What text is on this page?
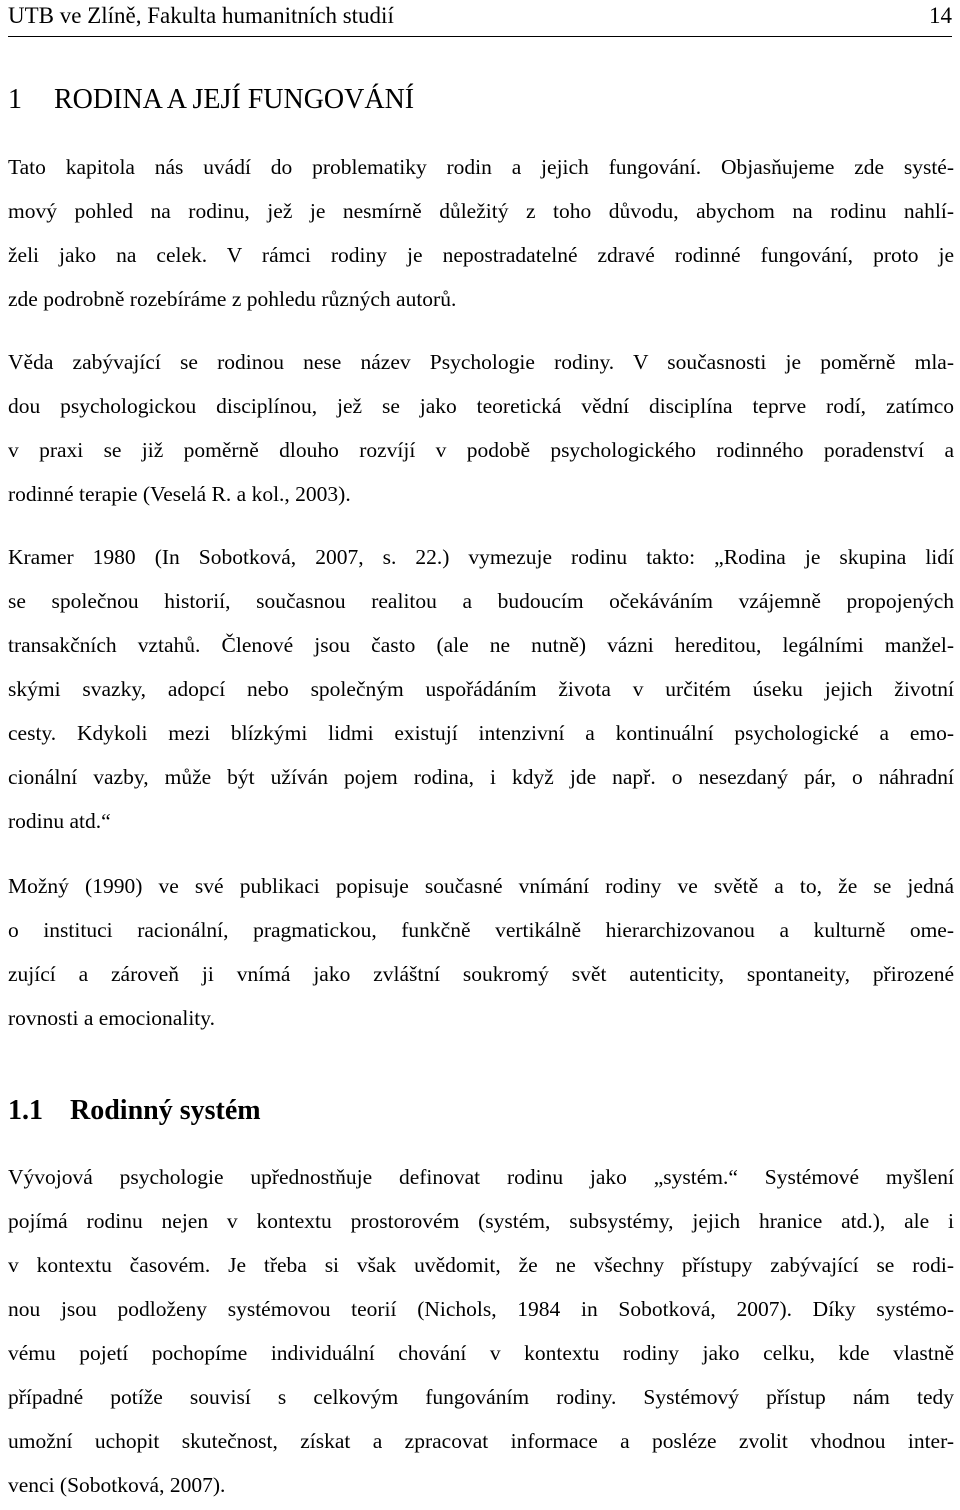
UTB ve Zlíně, Fakulta humanitních studií	14
1 RODINA A JEJÍ FUNGOVÁNÍ
Tato kapitola nás uvádí do problematiky rodin a jejich fungování. Objasňujeme zde systé-
mový pohled na rodinu, jež je nesmírně důležitý z toho důvodu, abychom na rodinu nahlí-
želi jako na celek. V rámci rodiny je nepostradatelné zdravé rodinné fungování, proto je
zde podrobně rozebíráme z pohledu různých autorů.
Věda zabývající se rodinou nese název Psychologie rodiny. V současnosti je poměrně mla-
dou psychologickou disciplínou, jež se jako teoretická vědní disciplína teprve rodí, zatímco
v praxi se již poměrně dlouho rozvíjí v podobě psychologického rodinného poradenství a
rodinné terapie (Veselá R. a kol., 2003).
Kramer 1980 (In Sobotková, 2007, s. 22.) vymezuje rodinu takto: „Rodina je skupina lidí
se společnou historií, současnou realitou a budoucím očekáváním vzájemně propojených
transakčních vztahů. Členové jsou často (ale ne nutně) vázni hereditou, legálními manžel-
skými svazky, adopcí nebo společným uspořádáním života v určitém úseku jejich životní
cesty. Kdykoli mezi blízkými lidmi existují intenzivní a kontinuální psychologické a emo-
cionální vazby, může být užíván pojem rodina, i když jde např. o nesezdaný pár, o náhradní
rodinu atd.“
Možný (1990) ve své publikaci popisuje současné vnímání rodiny ve světě a to, že se jedná
o instituci racionální, pragmatickou, funkčně vertikálně hierarchizovanou a kulturně ome-
zující a zároveň ji vnímá jako zvláštní soukromý svět autenticity, spontaneity, přirozené
rovnosti a emocionality.
1.1 Rodinný systém
Vývojová psychologie upřednostňuje definovat rodinu jako „systém.“ Systémové myšlení
pojímá rodinu nejen v kontextu prostorovém (systém, subsystémy, jejich hranice atd.), ale i
v kontextu časovém. Je třeba si však uvědomit, že ne všechny přístupy zabývající se rodi-
nou jsou podloženy systémovou teorií (Nichols, 1984 in Sobotková, 2007). Díky systémo-
vému pojetí pochopíme individuální chování v kontextu rodiny jako celku, kde vlastně
případné potíže souvisí s celkovým fungováním rodiny. Systémový přístup nám tedy
umožní uchopit skutečnost, získat a zpracovat informace a posléze zvolit vhodnou inter-
venci (Sobotková, 2007).
